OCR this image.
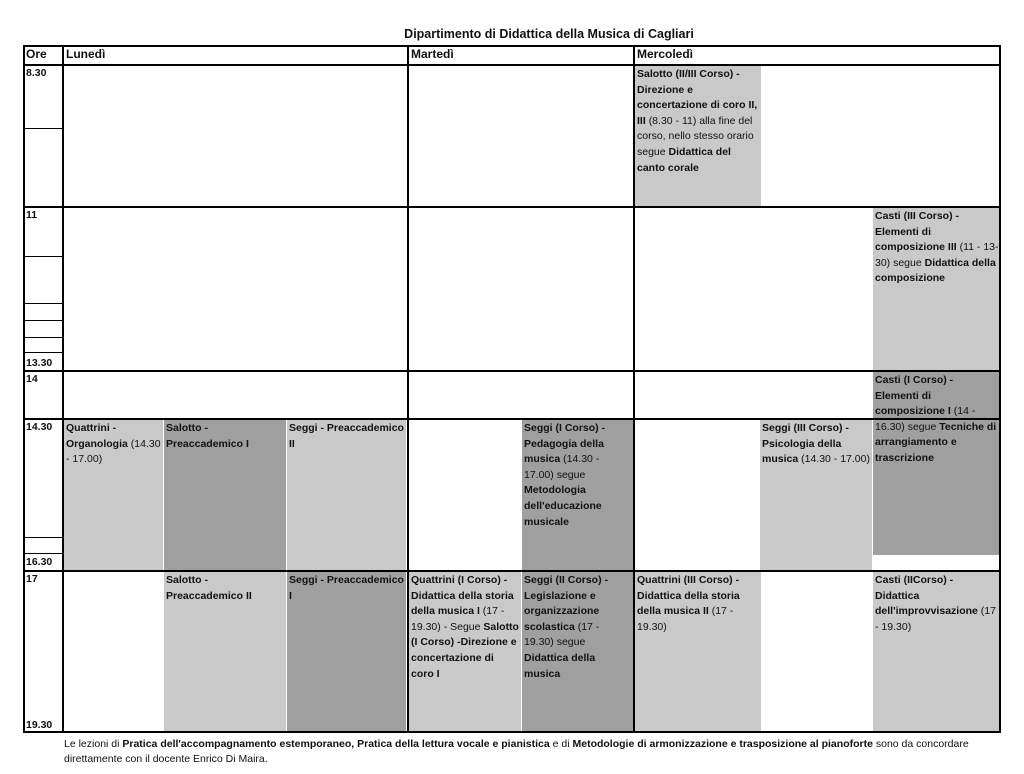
Dipartimento di Didattica della Musica di Cagliari
Salotto (II/III Corso) - Direzione e concertazione di coro II, III (8.30 - 11) alla fine del corso, nello stesso orario segue Didattica del canto corale
Casti (III Corso) - Elementi di composizione III (11 - 13-30) segue Didattica della composizione
Casti (I Corso) - Elementi di composizione I (14 - 16.30) segue Tecniche di arrangiamento e trascrizione
Quattrini - Organologia (14.30 - 17.00)
Salotto - Preaccademico I
Seggi - Preaccademico II
Seggi (I Corso) - Pedagogia della musica (14.30 - 17.00) segue Metodologia dell'educazione musicale
Seggi (III Corso) - Psicologia della musica (14.30 - 17.00)
Salotto - Preaccademico II
Seggi - Preaccademico I
Quattrini (I Corso) - Didattica della storia della musica I (17 - 19.30) - Segue Salotto (I Corso) -Direzione e concertazione di coro I
Seggi (II Corso) - Legislazione e organizzazione scolastica (17 - 19.30) segue Didattica della musica
Quattrini (III Corso) - Didattica della storia della musica II (17 - 19.30)
Casti (IICorso) - Didattica dell'improvvisazione (17 - 19.30)
Ore Lunedì	Martedì	Mercoledì
8.30
11
13.30
14
14.30
16.30
17
19.30
Le lezioni di Pratica dell'accompagnamento estemporaneo, Pratica della lettura vocale e pianistica e di Metodologie di armonizzazione e trasposizione al pianoforte sono da concordare direttamente con il docente Enrico Di Maira.
